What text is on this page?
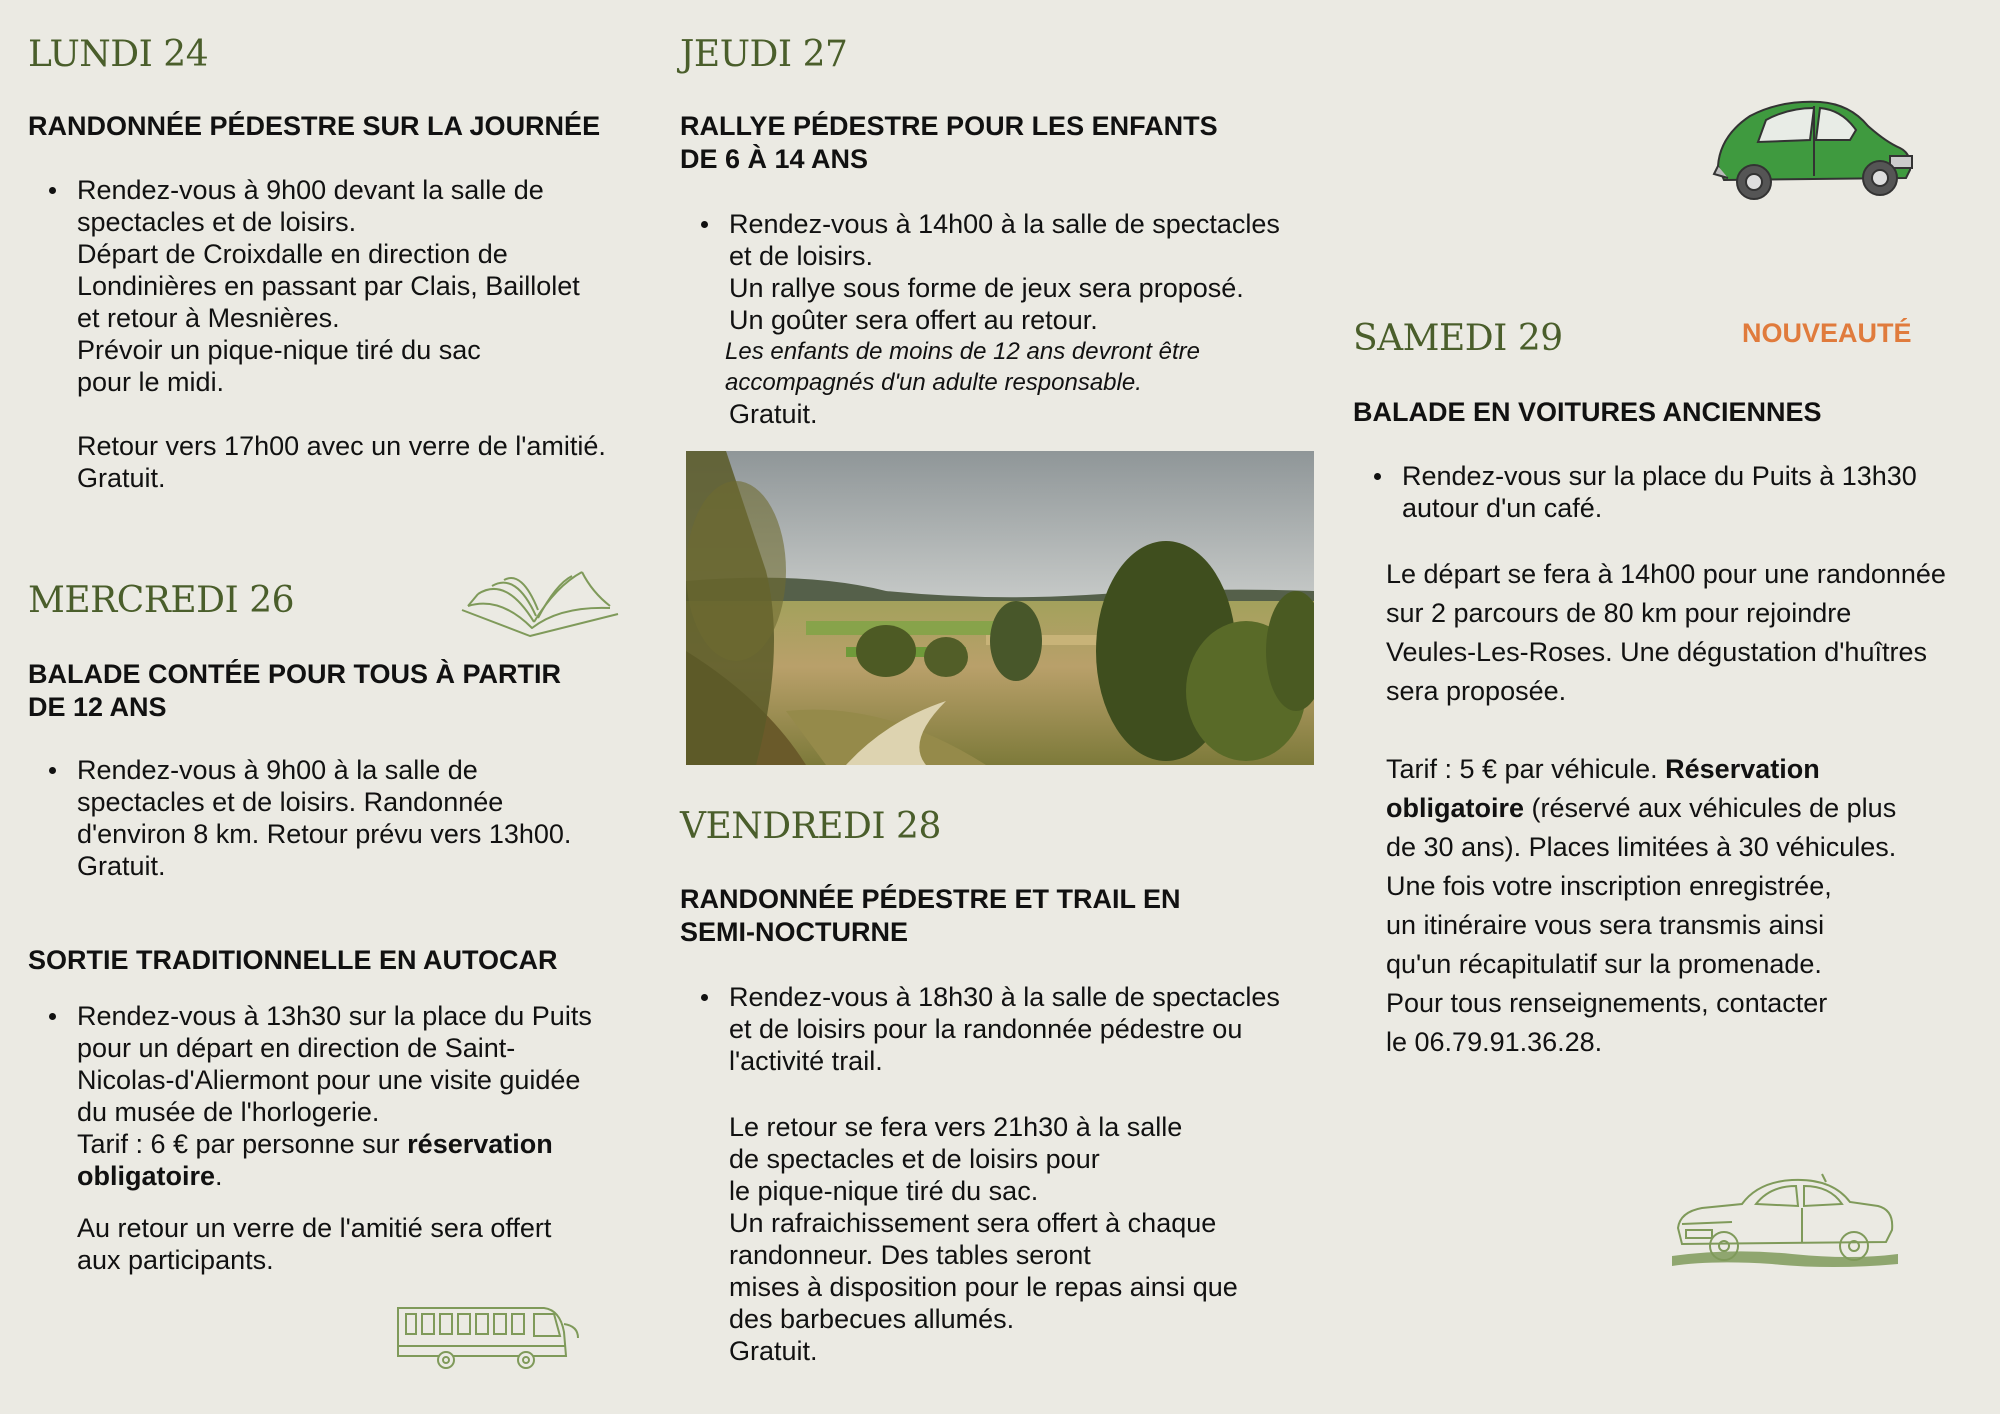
LUNDI 24

RANDONNÉE PÉDESTRE SUR LA JOURNÉE

Rendez-vous à 9h00 devant la salle de
spectacles et de loisirs.
Départ de Croixdalle en direction de
Londinières en passant par Clais, Baillolet
et retour à Mesnières.
Prévoir un pique-nique tiré du sac
pour le midi.
Retour vers 17h00 avec un verre de l'amitié.
Gratuit.
MERCREDI 26

BALADE CONTÉE POUR TOUS À PARTIR
DE 12 ANS

Rendez-vous à 9h00 à la salle de
spectacles et de loisirs. Randonnée
d'environ 8 km. Retour prévu vers 13h00.
Gratuit.

SORTIE TRADITIONNELLE EN AUTOCAR

Rendez-vous à 13h30 sur la place du Puits
pour un départ en direction de Saint-
Nicolas-d'Aliermont pour une visite guidée
du musée de l'horlogerie.
Tarif : 6 € par personne sur réservation
obligatoire.
Au retour un verre de l'amitié sera offert
aux participants.
JEUDI 27

RALLYE PÉDESTRE POUR LES ENFANTS
DE 6 À 14 ANS

Rendez-vous à 14h00 à la salle de spectacles
et de loisirs.
Un rallye sous forme de jeux sera proposé.
Un goûter sera offert au retour.
Les enfants de moins de 12 ans devront être
accompagnés d'un adulte responsable.
Gratuit.
VENDREDI 28

RANDONNÉE PÉDESTRE ET TRAIL EN
SEMI-NOCTURNE

Rendez-vous à 18h30 à la salle de spectacles
et de loisirs pour la randonnée pédestre ou
l'activité trail.
Le retour se fera vers 21h30 à la salle
de spectacles et de loisirs pour
le pique-nique tiré du sac.
Un rafraichissement sera offert à chaque
randonneur. Des tables seront
mises à disposition pour le repas ainsi que
des barbecues allumés.
Gratuit.
SAMEDI 29	NOUVEAUTÉ

BALADE EN VOITURES ANCIENNES

Rendez-vous sur la place du Puits à 13h30
autour d'un café.
Le départ se fera à 14h00 pour une randonnée
sur 2 parcours de 80 km pour rejoindre
Veules-Les-Roses. Une dégustation d'huîtres
sera proposée.
Tarif : 5 € par véhicule. Réservation
obligatoire (réservé aux véhicules de plus
de 30 ans). Places limitées à 30 véhicules.
Une fois votre inscription enregistrée,
un itinéraire vous sera transmis ainsi
qu'un récapitulatif sur la promenade.
Pour tous renseignements, contacter
le 06.79.91.36.28.
